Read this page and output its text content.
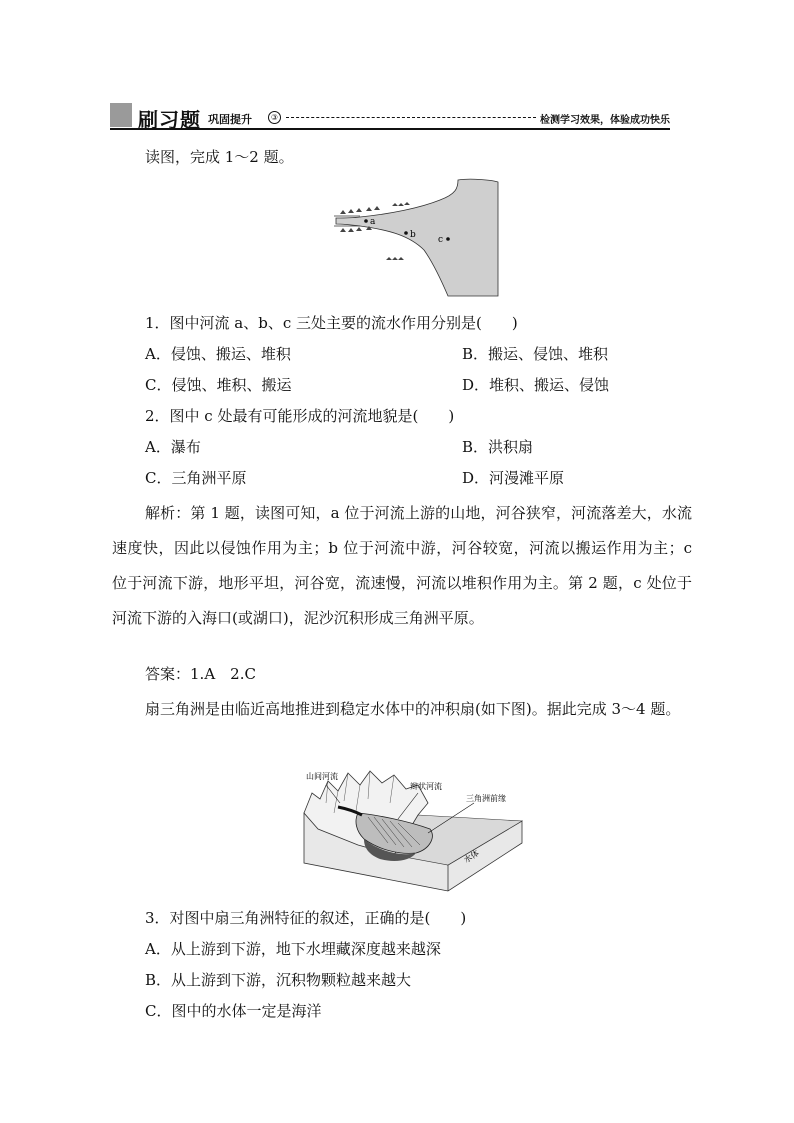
刷习题 巩固提升	③	检测学习效果，体验成功快乐
读图，完成 1～2 题。
a
b c
1．图中河流 a、b、c 三处主要的流水作用分别是(　　)
A．侵蚀、搬运、堆积	B．搬运、侵蚀、堆积
C．侵蚀、堆积、搬运	D．堆积、搬运、侵蚀
2．图中 c 处最有可能形成的河流地貌是(　　)
A．瀑布	B．洪积扇
C．三角洲平原	D．河漫滩平原
解析：第 1 题，读图可知，a 位于河流上游的山地，河谷狭窄，河流落差大，水流速度快，因此以侵蚀作用为主；b 位于河流中游，河谷较宽，河流以搬运作用为主；c 位于河流下游，地形平坦，河谷宽，流速慢，河流以堆积作用为主。第 2 题，c 处位于河流下游的入海口(或湖口)，泥沙沉积形成三角洲平原。
答案：1.A　2.C
扇三角洲是由临近高地推进到稳定水体中的冲积扇(如下图)。据此完成 3～4 题。
山间河流
辫状河流
三角洲前缘
水体
3．对图中扇三角洲特征的叙述，正确的是(　　)
A．从上游到下游，地下水埋藏深度越来越深
B．从上游到下游，沉积物颗粒越来越大
C．图中的水体一定是海洋
